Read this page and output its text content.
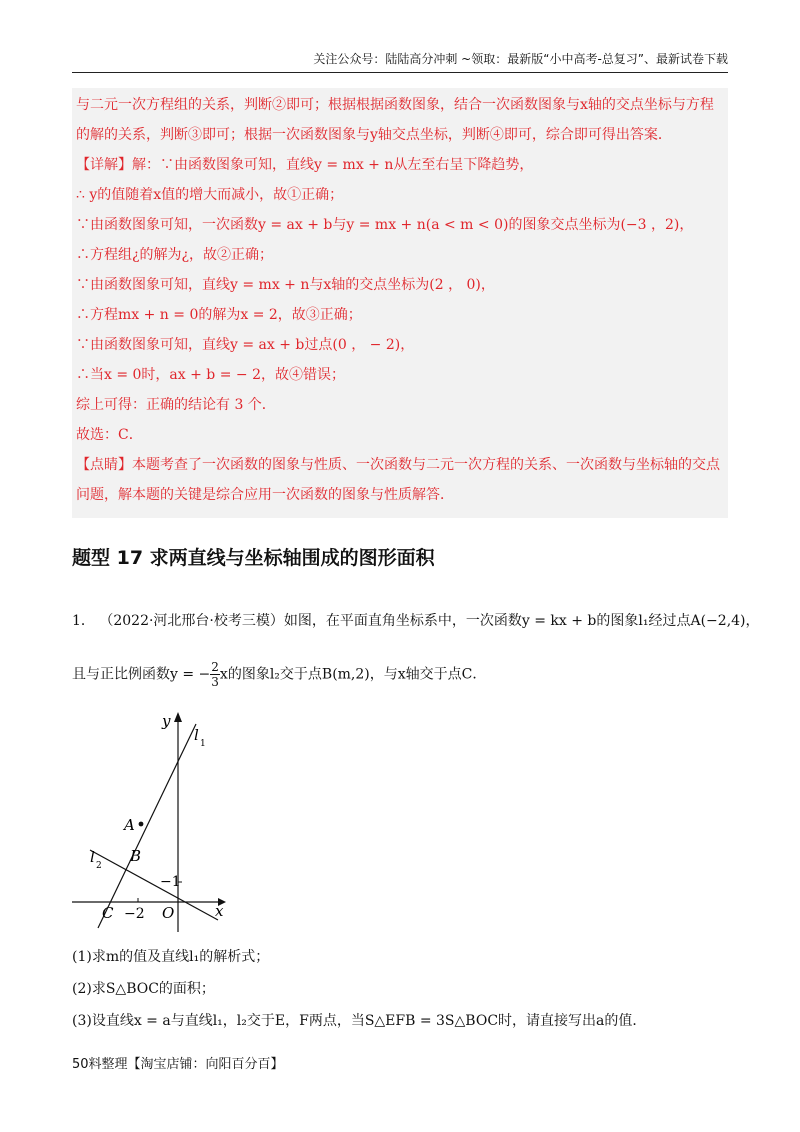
关注公众号：陆陆高分冲刺 ~领取：最新版“小中高考-总复习”、最新试卷下载
与二元一次方程组的关系，判断②即可；根据根据函数图象，结合一次函数图象与x轴的交点坐标与方程
的解的关系，判断③即可；根据一次函数图象与y轴交点坐标，判断④即可，综合即可得出答案．
【详解】解：∵由函数图象可知，直线y = mx + n从左至右呈下降趋势，
∴ y的值随着x值的增大而减小，故①正确；
∵由函数图象可知，一次函数y = ax + b与y = mx + n(a < m < 0)的图象交点坐标为(−3 ，2)，
∴方程组¿的解为¿，故②正确；
∵由函数图象可知，直线y = mx + n与x轴的交点坐标为(2 ， 0)，
∴方程mx + n = 0的解为x = 2，故③正确；
∵由函数图象可知，直线y = ax + b过点(0 ， − 2)，
∴当x = 0时，ax + b = − 2，故④错误；
综上可得：正确的结论有 3 个．
故选：C．
【点睛】本题考查了一次函数的图象与性质、一次函数与二元一次方程的关系、一次函数与坐标轴的交点
问题，解本题的关键是综合应用一次函数的图象与性质解答．
题型 17 求两直线与坐标轴围成的图形面积
1． （2022·河北邢台·校考三模）如图，在平面直角坐标系中，一次函数y = kx + b的图象l₁经过点A(−2,4)，
且与正比例函数y = − $\frac{2}{3}$ x的图象l₂交于点B(m,2)，与x轴交于点C．
y
x
l 1
l 2
A
B
C	O
−2
−1
(1)求m的值及直线l₁的解析式；
(2)求S△BOC的面积；
(3)设直线x = a与直线l₁，l₂交于E，F两点，当S△EFB = 3S△BOC时，请直接写出a的值．
50料整理【淘宝店铺：向阳百分百】
